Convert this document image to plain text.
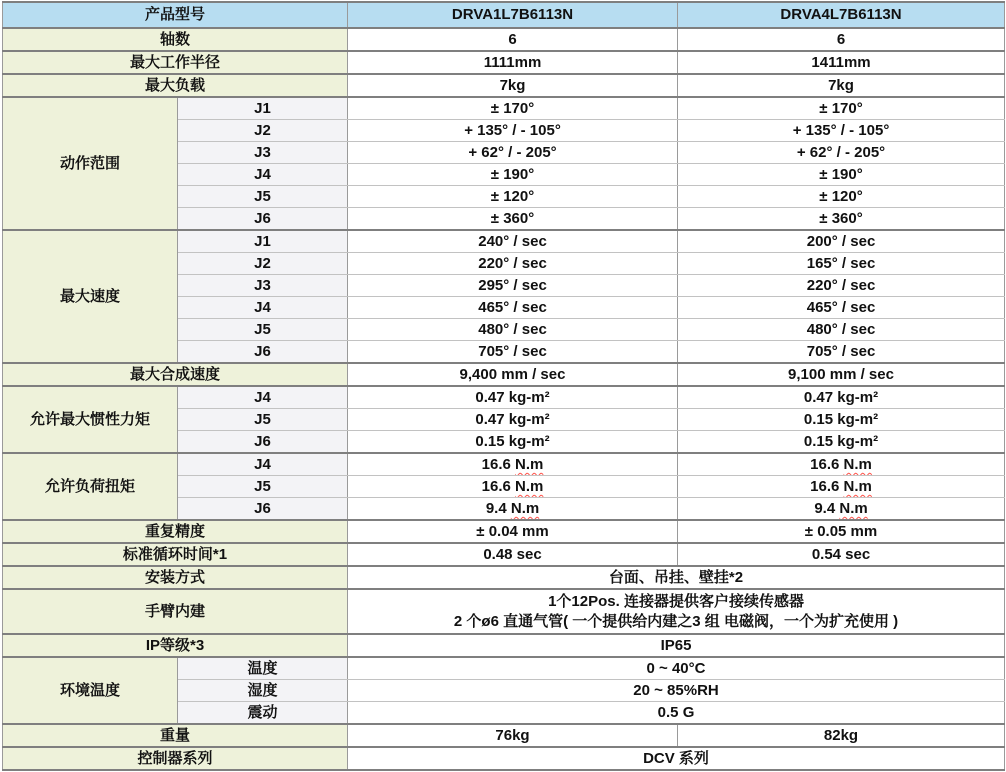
产品型号		DRVA1L7B6113N	DRVA4L7B6113N
轴数		6	6
最大工作半径		1111mm	1411mm
最大负载		7kg	7kg
动作范围	J1	± 170°	± 170°
	J2	+ 135° / - 105°	+ 135° / - 105°
	J3	+ 62° / - 205°	+ 62° / - 205°
	J4	± 190°	± 190°
	J5	± 120°	± 120°
	J6	± 360°	± 360°
最大速度	J1	240° / sec	200° / sec
	J2	220° / sec	165° / sec
	J3	295° / sec	220° / sec
	J4	465° / sec	465° / sec
	J5	480° / sec	480° / sec
	J6	705° / sec	705° / sec
最大合成速度		9,400 mm / sec	9,100 mm / sec
允许最大惯性力矩	J4	0.47 kg-m²	0.47 kg-m²
	J5	0.47 kg-m²	0.15 kg-m²
	J6	0.15 kg-m²	0.15 kg-m²
允许负荷扭矩	J4	16.6 N.m	16.6 N.m
	J5	16.6 N.m	16.6 N.m
	J6	9.4 N.m	9.4 N.m
重复精度		± 0.04 mm	± 0.05 mm
标准循环时间*1		0.48 sec	0.54 sec
安装方式		台面、吊挂、壁挂*2	
手臂内建		1个12Pos. 连接器提供客户接续传感器
2 个ø6 直通气管( 一个提供给内建之3 组 电磁阀，一个为扩充使用 )	
IP等级*3		IP65	
环境温度	温度	0 ~ 40°C	
	湿度	20 ~ 85%RH	
	震动	0.5 G	
重量		76kg	82kg
控制器系列		DCV 系列	
